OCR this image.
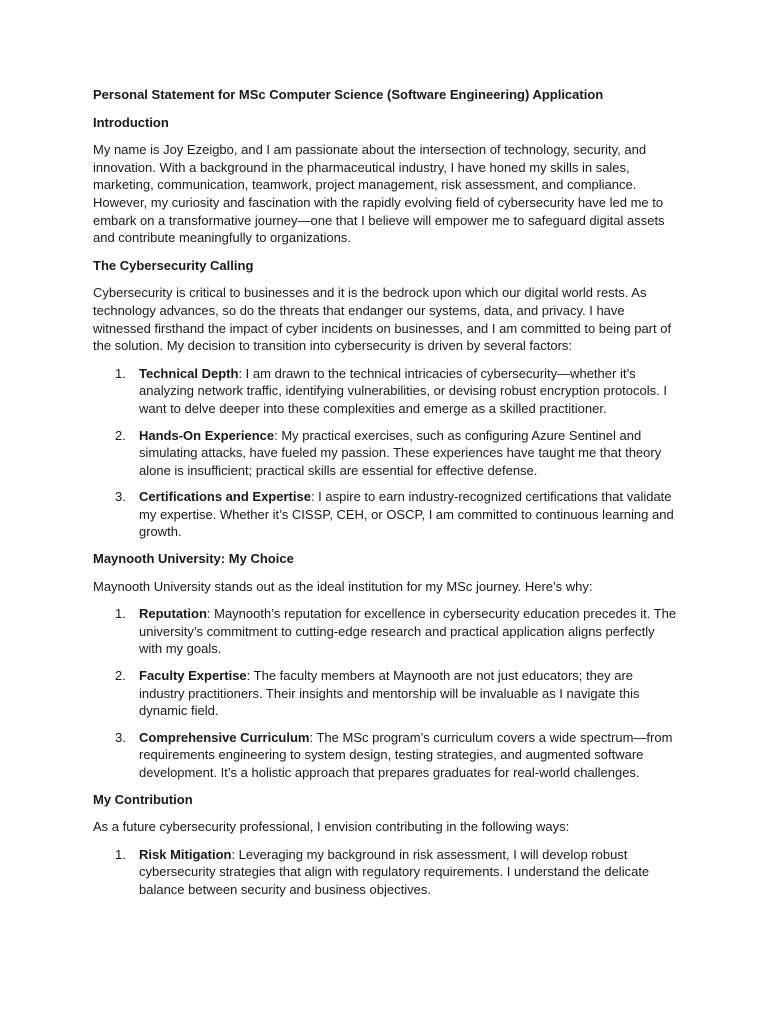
Personal Statement for MSc Computer Science (Software Engineering) Application

Introduction

My name is Joy Ezeigbo, and I am passionate about the intersection of technology, security, and innovation. With a background in the pharmaceutical industry, I have honed my skills in sales, marketing, communication, teamwork, project management, risk assessment, and compliance. However, my curiosity and fascination with the rapidly evolving field of cybersecurity have led me to embark on a transformative journey—one that I believe will empower me to safeguard digital assets and contribute meaningfully to organizations.

The Cybersecurity Calling

Cybersecurity is critical to businesses and it is the bedrock upon which our digital world rests. As technology advances, so do the threats that endanger our systems, data, and privacy. I have witnessed firsthand the impact of cyber incidents on businesses, and I am committed to being part of the solution. My decision to transition into cybersecurity is driven by several factors:

1. Technical Depth: I am drawn to the technical intricacies of cybersecurity—whether it’s analyzing network traffic, identifying vulnerabilities, or devising robust encryption protocols. I want to delve deeper into these complexities and emerge as a skilled practitioner.
2. Hands-On Experience: My practical exercises, such as configuring Azure Sentinel and simulating attacks, have fueled my passion. These experiences have taught me that theory alone is insufficient; practical skills are essential for effective defense.
3. Certifications and Expertise: I aspire to earn industry-recognized certifications that validate my expertise. Whether it’s CISSP, CEH, or OSCP, I am committed to continuous learning and growth.

Maynooth University: My Choice

Maynooth University stands out as the ideal institution for my MSc journey. Here’s why:

1. Reputation: Maynooth’s reputation for excellence in cybersecurity education precedes it. The university’s commitment to cutting-edge research and practical application aligns perfectly with my goals.
2. Faculty Expertise: The faculty members at Maynooth are not just educators; they are industry practitioners. Their insights and mentorship will be invaluable as I navigate this dynamic field.
3. Comprehensive Curriculum: The MSc program’s curriculum covers a wide spectrum—from requirements engineering to system design, testing strategies, and augmented software development. It’s a holistic approach that prepares graduates for real-world challenges.

My Contribution

As a future cybersecurity professional, I envision contributing in the following ways:

1. Risk Mitigation: Leveraging my background in risk assessment, I will develop robust cybersecurity strategies that align with regulatory requirements. I understand the delicate balance between security and business objectives.
